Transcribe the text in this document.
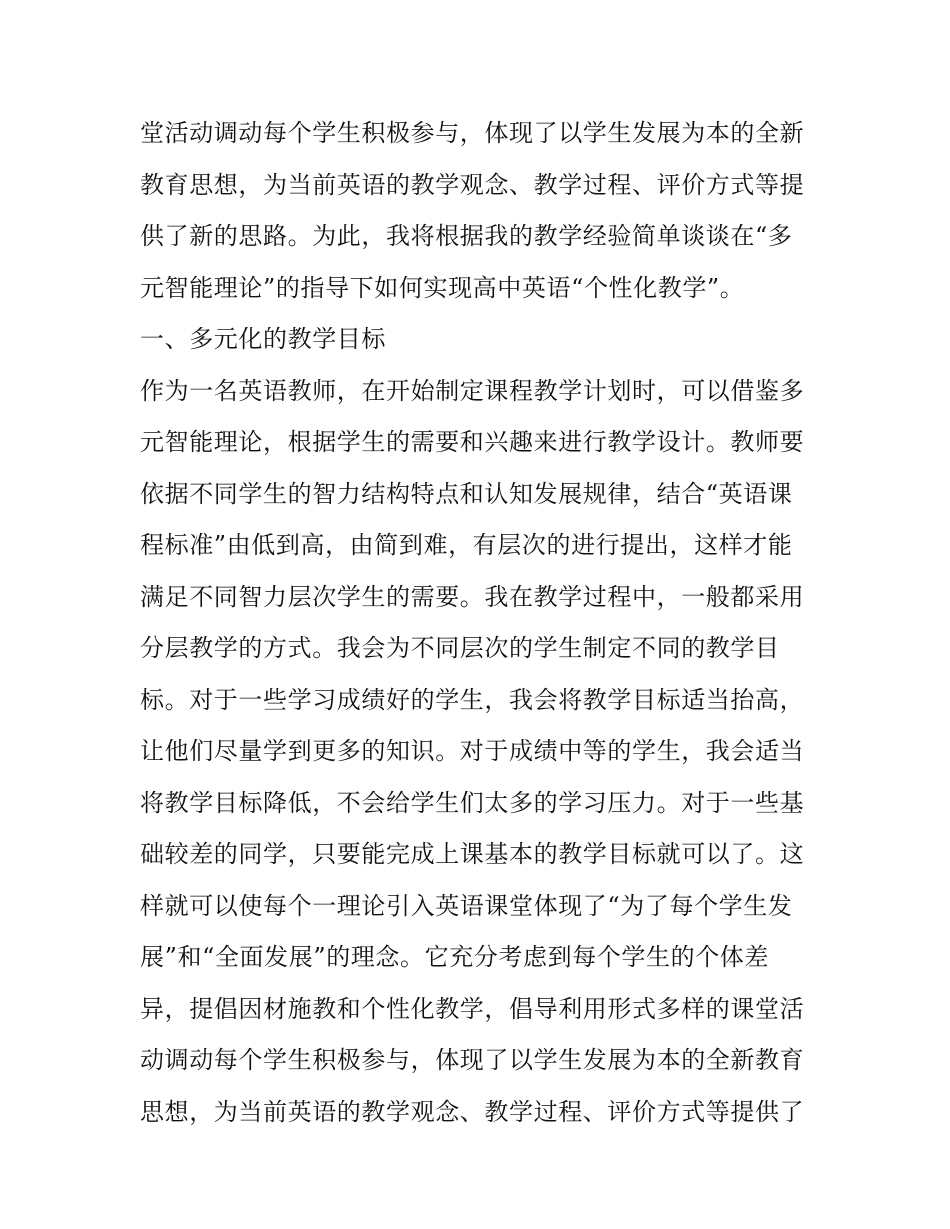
堂活动调动每个学生积极参与，体现了以学生发展为本的全新
教育思想，为当前英语的教学观念、教学过程、评价方式等提
供了新的思路。为此，我将根据我的教学经验简单谈谈在“多
元智能理论”的指导下如何实现高中英语“个性化教学”。
一、多元化的教学目标
作为一名英语教师，在开始制定课程教学计划时，可以借鉴多
元智能理论，根据学生的需要和兴趣来进行教学设计。教师要
依据不同学生的智力结构特点和认知发展规律，结合“英语课
程标准”由低到高，由简到难，有层次的进行提出，这样才能
满足不同智力层次学生的需要。我在教学过程中，一般都采用
分层教学的方式。我会为不同层次的学生制定不同的教学目
标。对于一些学习成绩好的学生，我会将教学目标适当抬高，
让他们尽量学到更多的知识。对于成绩中等的学生，我会适当
将教学目标降低，不会给学生们太多的学习压力。对于一些基
础较差的同学，只要能完成上课基本的教学目标就可以了。这
样就可以使每个一理论引入英语课堂体现了“为了每个学生发
展”和“全面发展”的理念。它充分考虑到每个学生的个体差
异，提倡因材施教和个性化教学，倡导利用形式多样的课堂活
动调动每个学生积极参与，体现了以学生发展为本的全新教育
思想，为当前英语的教学观念、教学过程、评价方式等提供了
